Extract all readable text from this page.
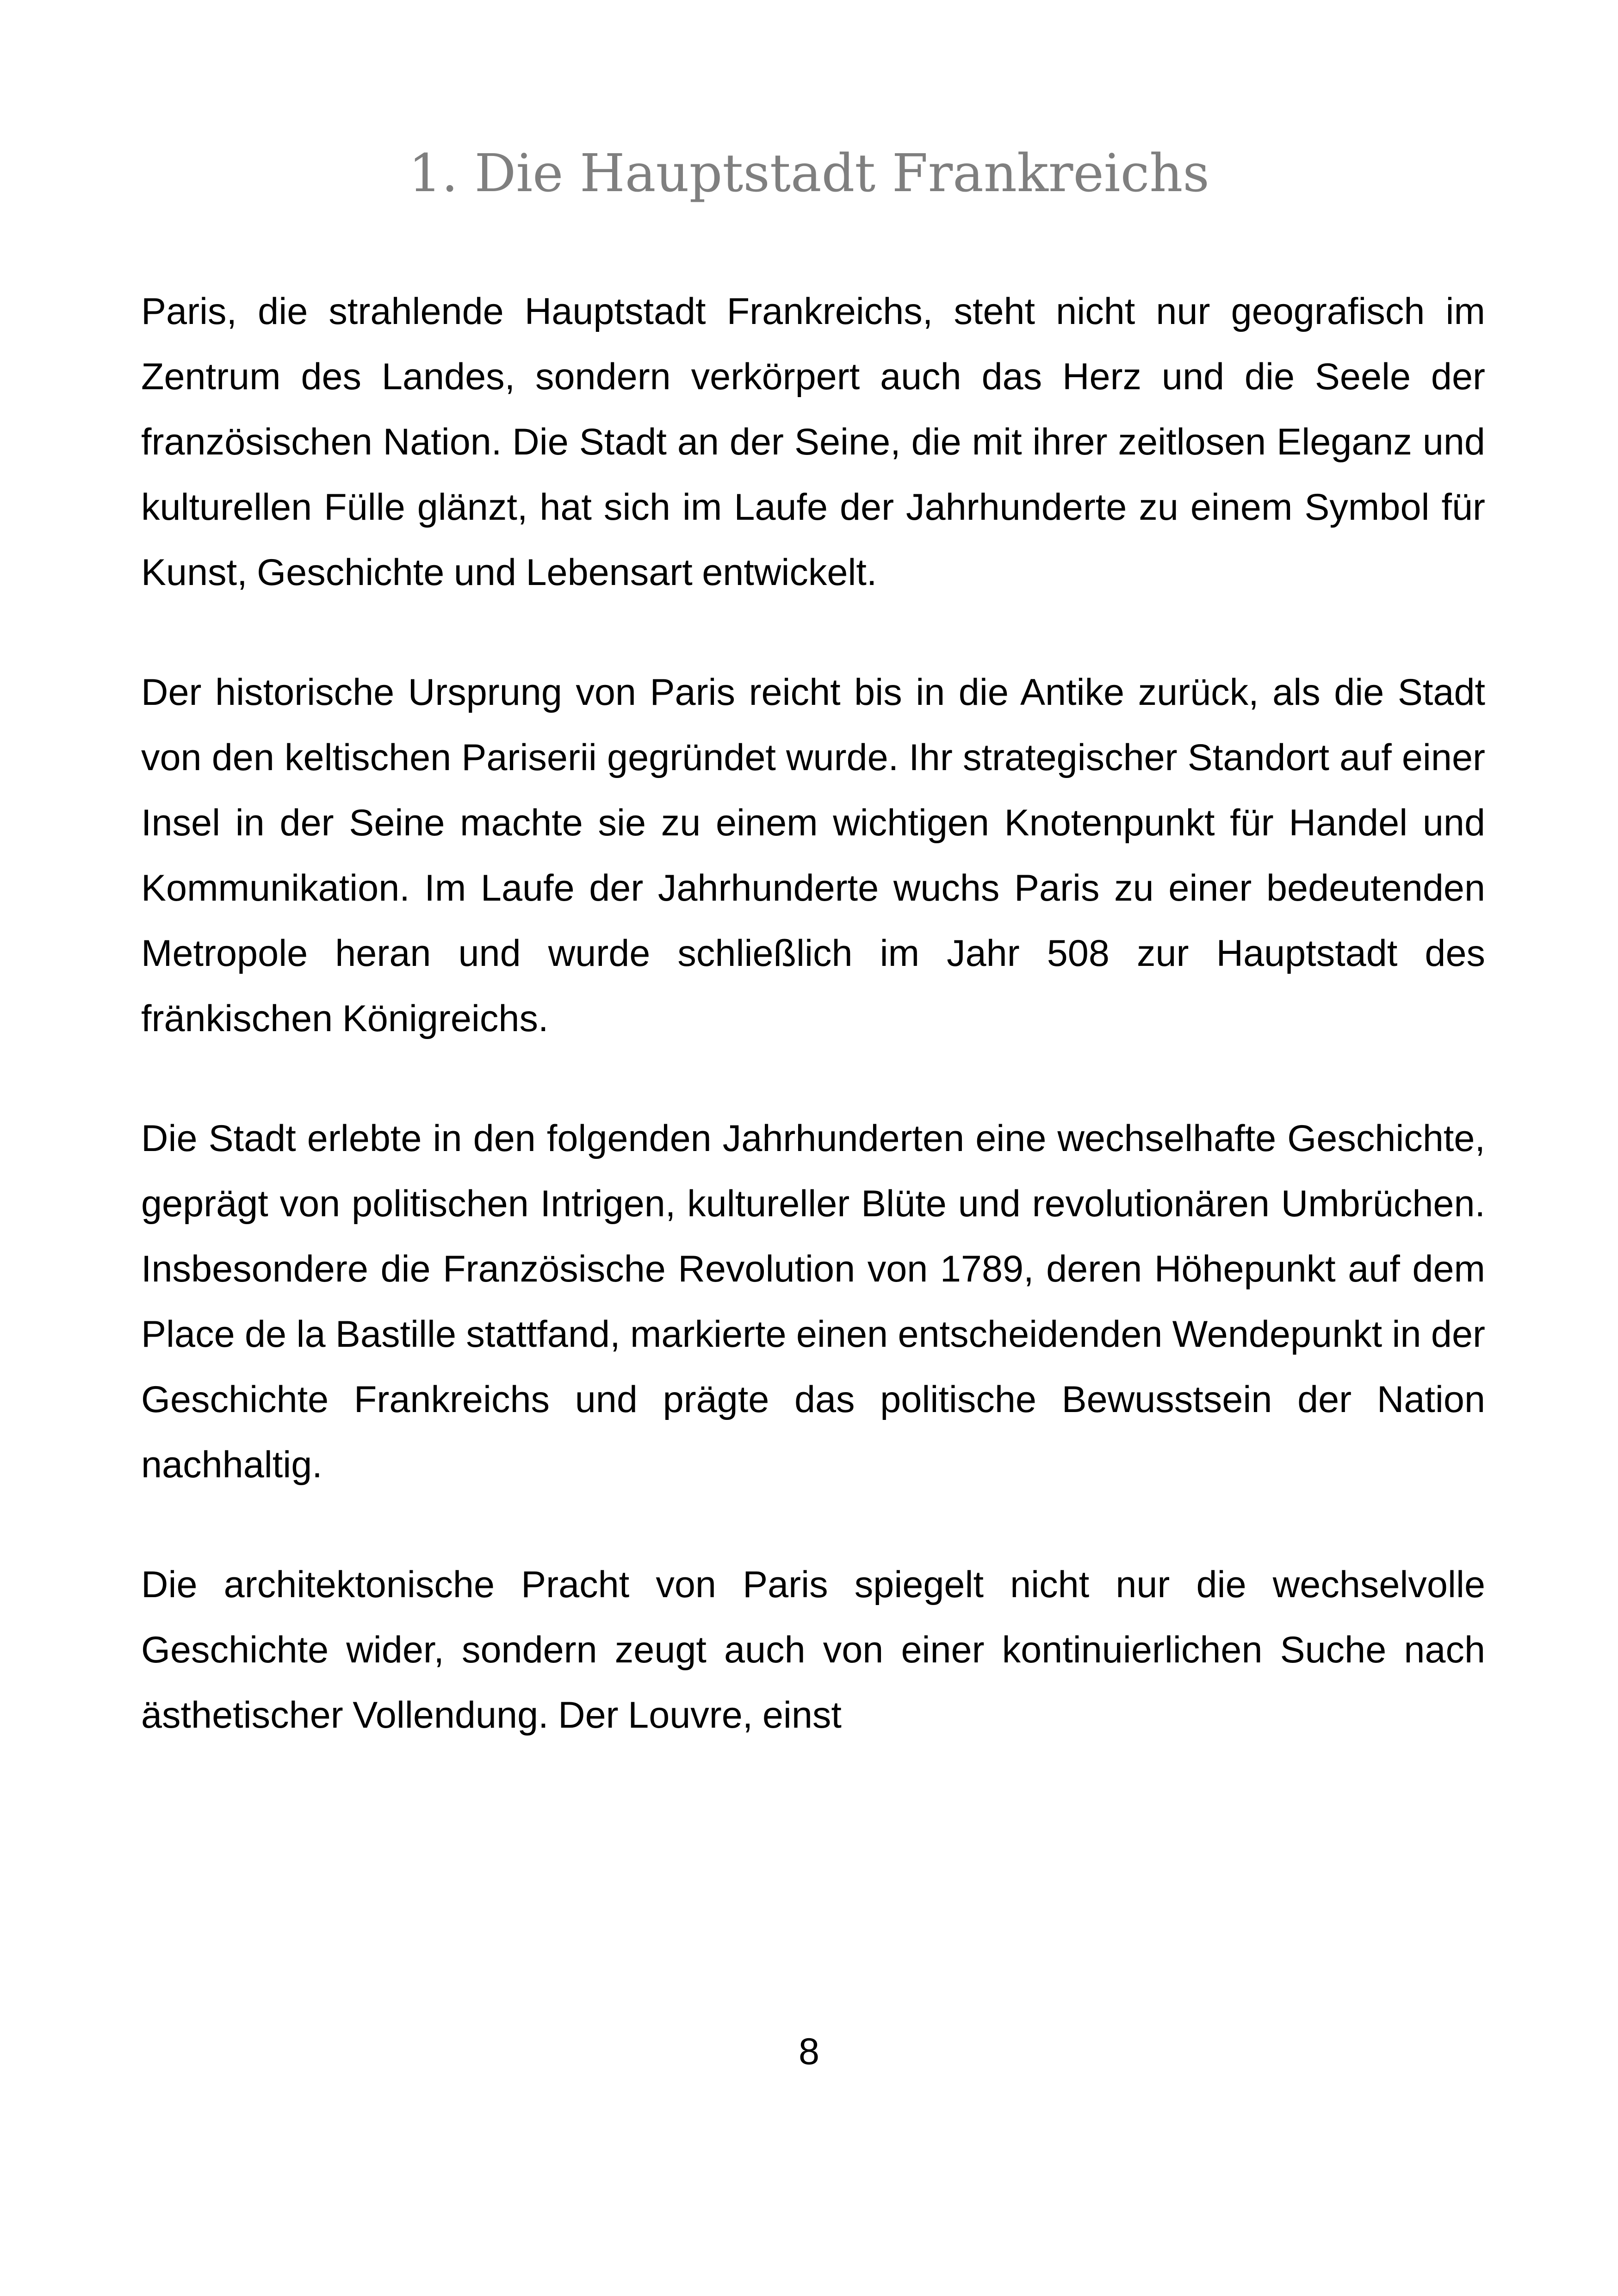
1. Die Hauptstadt Frankreichs

Paris, die strahlende Hauptstadt Frankreichs, steht nicht nur geografisch im Zentrum des Landes, sondern verkörpert auch das Herz und die Seele der französischen Nation. Die Stadt an der Seine, die mit ihrer zeitlosen Eleganz und kulturellen Fülle glänzt, hat sich im Laufe der Jahrhunderte zu einem Symbol für Kunst, Geschichte und Lebensart entwickelt.

Der historische Ursprung von Paris reicht bis in die Antike zurück, als die Stadt von den keltischen Pariserii gegründet wurde. Ihr strategischer Standort auf einer Insel in der Seine machte sie zu einem wichtigen Knotenpunkt für Handel und Kommunikation. Im Laufe der Jahrhunderte wuchs Paris zu einer bedeutenden Metropole heran und wurde schließlich im Jahr 508 zur Hauptstadt des fränkischen Königreichs.

Die Stadt erlebte in den folgenden Jahrhunderten eine wechselhafte Geschichte, geprägt von politischen Intrigen, kultureller Blüte und revolutionären Umbrüchen. Insbesondere die Französische Revolution von 1789, deren Höhepunkt auf dem Place de la Bastille stattfand, markierte einen entscheidenden Wendepunkt in der Geschichte Frankreichs und prägte das politische Bewusstsein der Nation nachhaltig.

Die architektonische Pracht von Paris spiegelt nicht nur die wechselvolle Geschichte wider, sondern zeugt auch von einer kontinuierlichen Suche nach ästhetischer Vollendung. Der Louvre, einst

8
